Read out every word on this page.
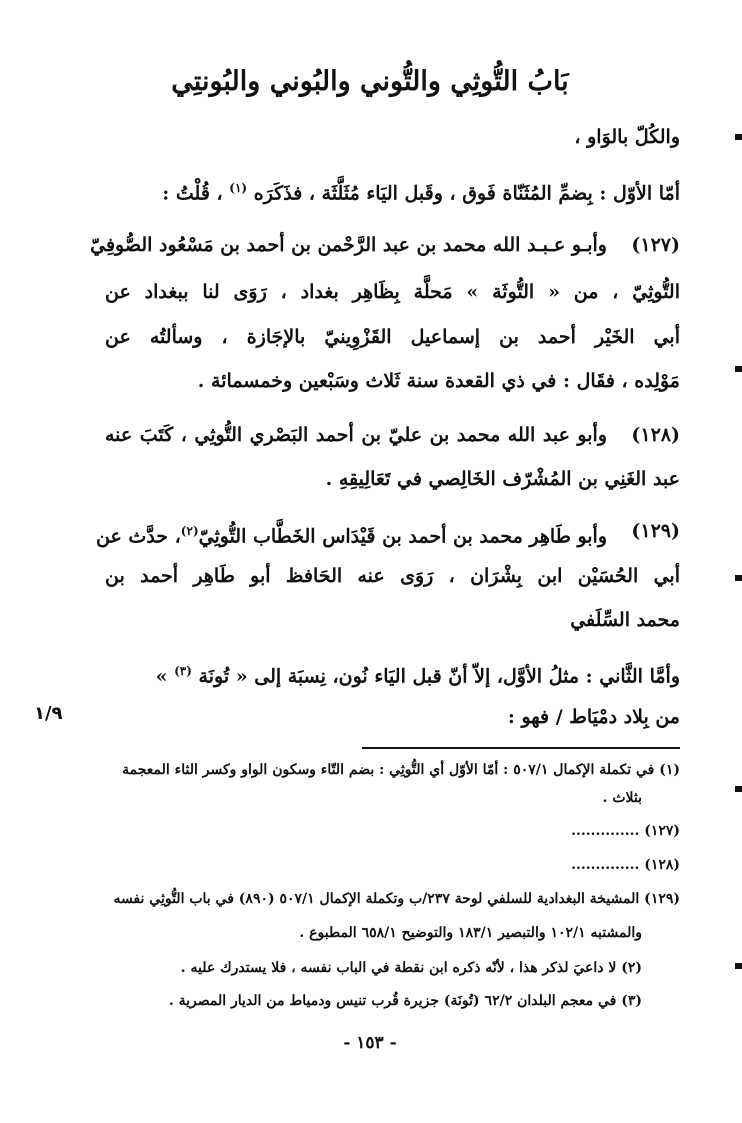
بَابُ التُّوثِي والتُّوني والبُوني والبُونتِي
والكُلّ بالوَاو ،
أمّا الأوّل : بِضمِّ المُثَنّاة فَوق ، وقَبل اليَاء مُثَلَّثَة ، فذَكَرَه $^{(١)}$ ، قُلْتُ :
(١٢٧)
وأبـو عـبـد الله محمد بن عبد الرَّحْمن بن أحمد بن مَسْعُود الصُّوفِيّ
التُّوثِيّ ، من « التُّوثَة » مَحلَّة بِظَاهِر بغداد ، رَوَى لنا ببغداد عن
أبي الخَيْر أحمد بن إسماعيل القَزْوِينيّ بالإجَازة ، وسألتُه عن
مَوْلِده ، فقَال : في ذي القعدة سنة ثَلاث وسَبْعين وخمسمائة .
(١٢٨)
وأبو عبد الله محمد بن عليّ بن أحمد البَصْري التُّوثِي ، كَتَبَ عنه
عبد الغَنِي بن المُشْرّف الخَالِصي في تَعَالِيقِهِ .
(١٢٩)
وأبو طَاهِر محمد بن أحمد بن قَيْدَاس الخَطَّاب التُّوثِيّ$^{(٢)}$، حدَّث عن
أبي الحُسَيْن ابن بِشْرَان ، رَوَى عنه الحَافظ أبو طَاهِر أحمد بن
محمد السِّلَفي
وأمَّا الثَّاني : مثلُ الأوَّل، إلاّ أنّ قبل اليَاء نُون، نِسبَة إلى « تُونَة $^{(٣)}$ »
من بِلاد دمْيَاط / فهو :
١/٩
(١) في تكملة الإكمال ٥٠٧/١ : أمّا الأوّل أي التُّوثِي : بضم التّاء وسكون الواو وكسر الثاء المعجمة
بثلاث .
(١٢٧) ..............
(١٢٨) ..............
(١٢٩) المشيخة البغدادية للسلفي لوحة ٢٣٧/ب وتكملة الإكمال ٥٠٧/١ (٨٩٠) في باب التُّوثِي نفسه
والمشتبه ١٠٢/١ والتبصير ١٨٣/١ والتوضيح ٦٥٨/١ المطبوع .
(٢) لا داعيَ لذكر هذا ، لأنّه ذكره ابن نقطة في الباب نفسه ، فلا يستدرك عليه .
(٣) في معجم البلدان ٦٢/٢ (تُونَة) جزيرة قُرب تنيس ودمياط من الديار المصرية .
- ١٥٣ -
